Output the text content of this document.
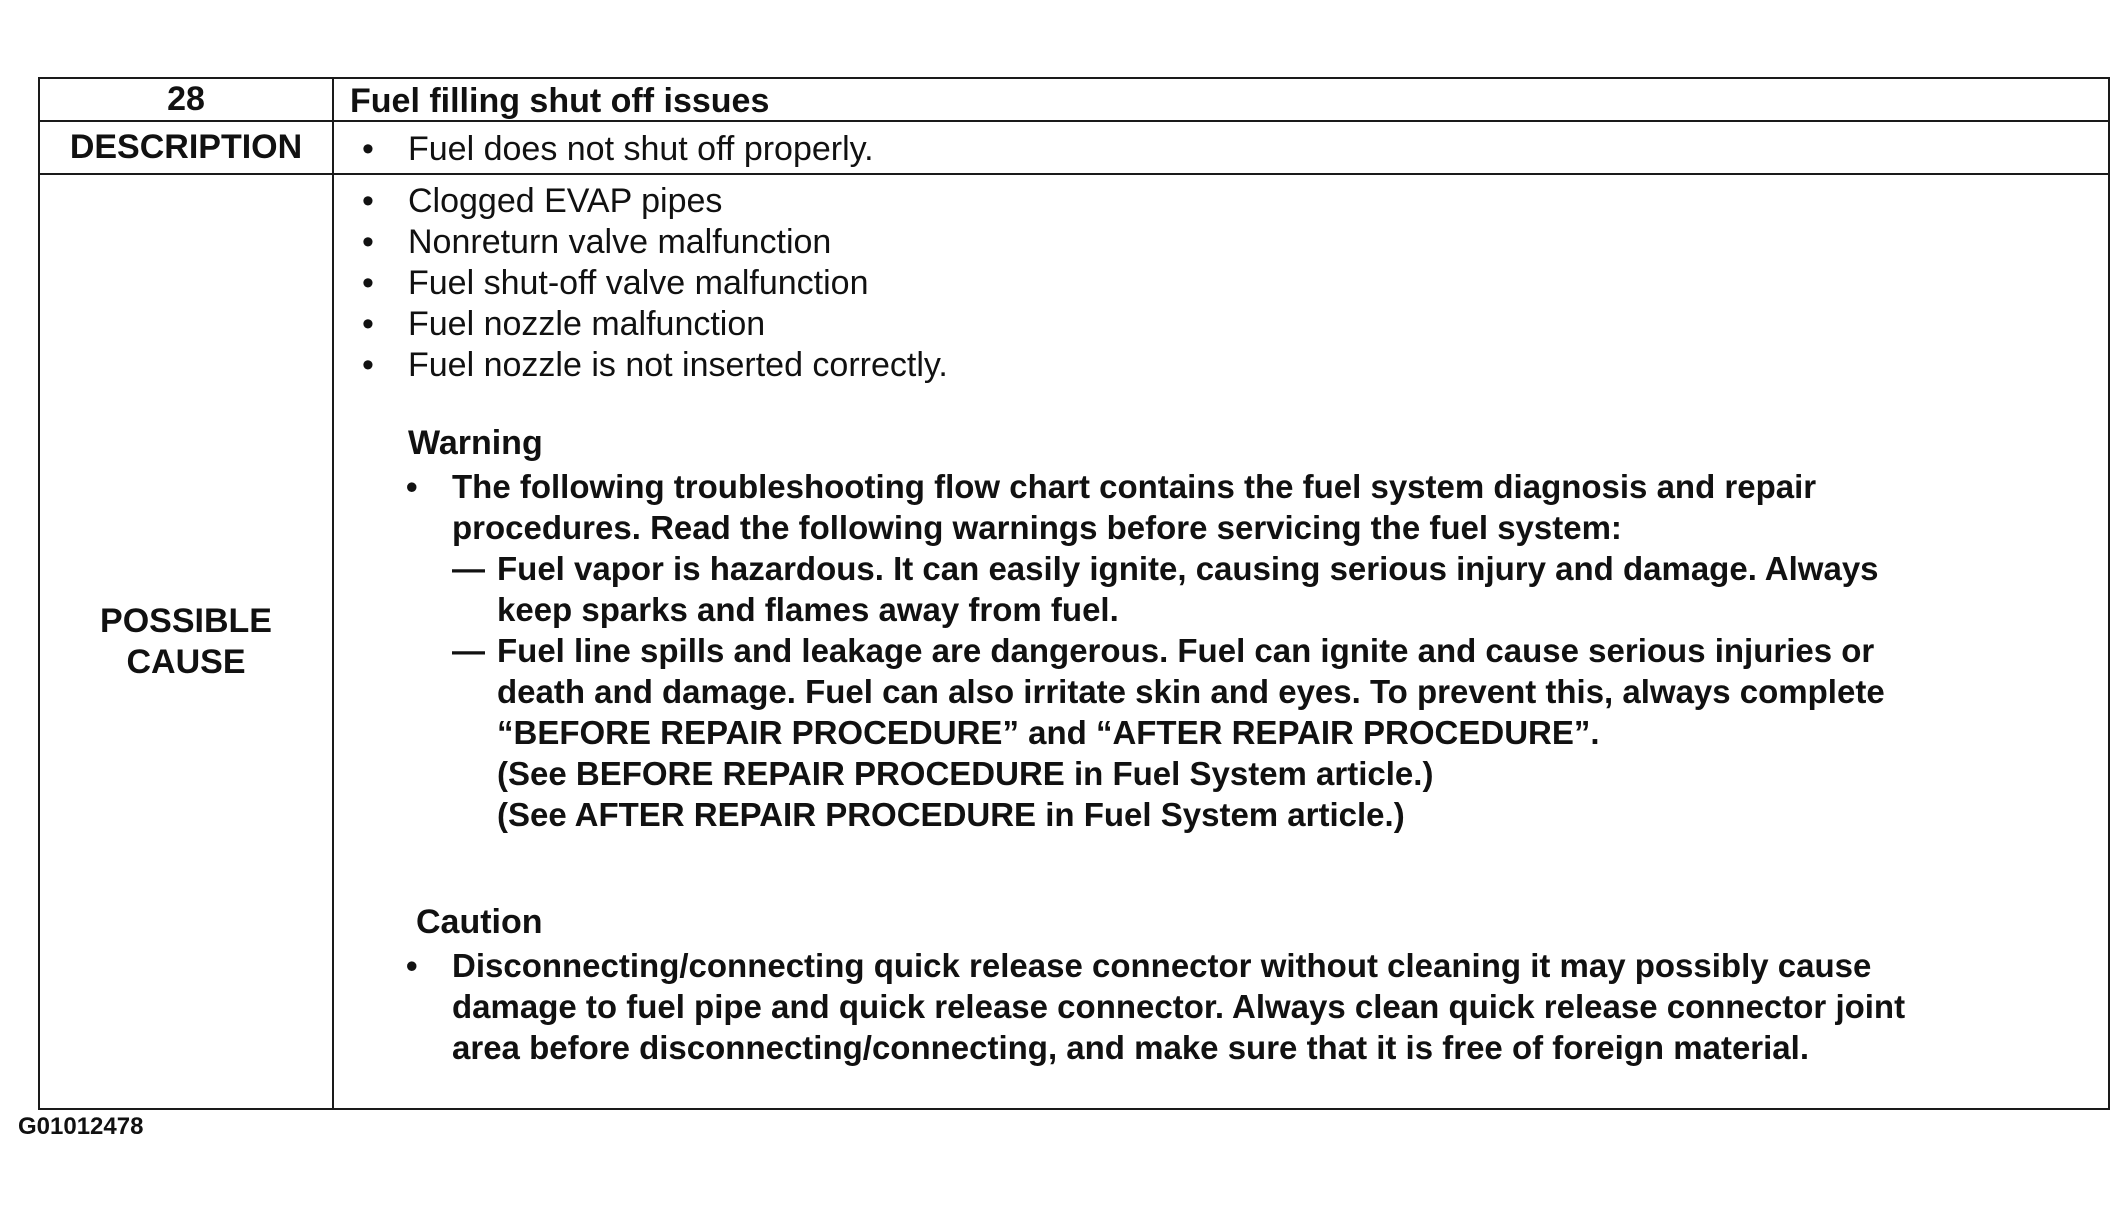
28	Fuel filling shut off issues
DESCRIPTION • Fuel does not shut off properly.
POSSIBLE
CAUSE
• Clogged EVAP pipes
• Nonreturn valve malfunction
• Fuel shut-off valve malfunction
• Fuel nozzle malfunction
• Fuel nozzle is not inserted correctly.
Warning
• The following troubleshooting flow chart contains the fuel system diagnosis and repair
procedures. Read the following warnings before servicing the fuel system:
— Fuel vapor is hazardous. It can easily ignite, causing serious injury and damage. Always
keep sparks and flames away from fuel.
— Fuel line spills and leakage are dangerous. Fuel can ignite and cause serious injuries or
death and damage. Fuel can also irritate skin and eyes. To prevent this, always complete
“BEFORE REPAIR PROCEDURE” and “AFTER REPAIR PROCEDURE”.
(See BEFORE REPAIR PROCEDURE in Fuel System article.)
(See AFTER REPAIR PROCEDURE in Fuel System article.)
Caution
• Disconnecting/connecting quick release connector without cleaning it may possibly cause
damage to fuel pipe and quick release connector. Always clean quick release connector joint
area before disconnecting/connecting, and make sure that it is free of foreign material.
G01012478
